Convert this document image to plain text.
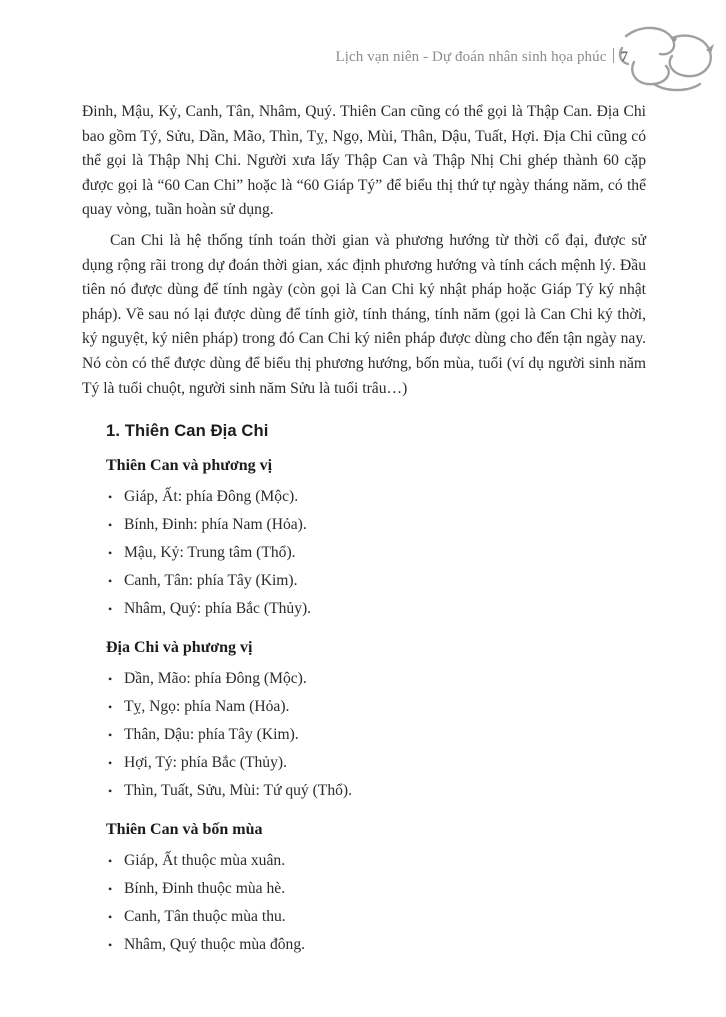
Lịch vạn niên - Dự đoán nhân sinh họa phúc 7

Đinh, Mậu, Kỷ, Canh, Tân, Nhâm, Quý. Thiên Can cũng có thể gọi là Thập Can. Địa Chi bao gồm Tý, Sửu, Dần, Mão, Thìn, Tỵ, Ngọ, Mùi, Thân, Dậu, Tuất, Hợi. Địa Chi cũng có thể gọi là Thập Nhị Chi. Người xưa lấy Thập Can và Thập Nhị Chi ghép thành 60 cặp được gọi là “60 Can Chi” hoặc là “60 Giáp Tý” để biểu thị thứ tự ngày tháng năm, có thể quay vòng, tuần hoàn sử dụng.

Can Chi là hệ thống tính toán thời gian và phương hướng từ thời cổ đại, được sử dụng rộng rãi trong dự đoán thời gian, xác định phương hướng và tính cách mệnh lý. Đầu tiên nó được dùng để tính ngày (còn gọi là Can Chi ký nhật pháp hoặc Giáp Tý ký nhật pháp). Về sau nó lại được dùng để tính giờ, tính tháng, tính năm (gọi là Can Chi ký thời, ký nguyệt, ký niên pháp) trong đó Can Chi ký niên pháp được dùng cho đến tận ngày nay. Nó còn có thể được dùng để biểu thị phương hướng, bốn mùa, tuổi (ví dụ người sinh năm Tý là tuổi chuột, người sinh năm Sửu là tuổi trâu…)

1. Thiên Can Địa Chi
Thiên Can và phương vị
• Giáp, Ất: phía Đông (Mộc).
• Bính, Đinh: phía Nam (Hỏa).
• Mậu, Kỷ: Trung tâm (Thổ).
• Canh, Tân: phía Tây (Kim).
• Nhâm, Quý: phía Bắc (Thủy).
Địa Chi và phương vị
• Dần, Mão: phía Đông (Mộc).
• Tỵ, Ngọ: phía Nam (Hỏa).
• Thân, Dậu: phía Tây (Kim).
• Hợi, Tý: phía Bắc (Thủy).
• Thìn, Tuất, Sửu, Mùi: Tứ quý (Thổ).
Thiên Can và bốn mùa
• Giáp, Ất thuộc mùa xuân.
• Bính, Đinh thuộc mùa hè.
• Canh, Tân thuộc mùa thu.
• Nhâm, Quý thuộc mùa đông.
